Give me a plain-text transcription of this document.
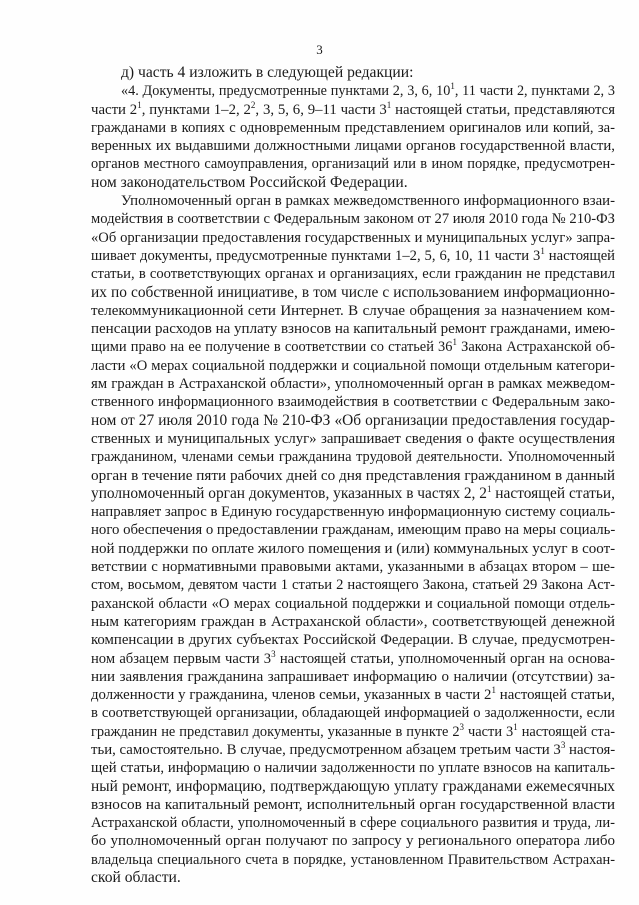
3
д) часть 4 изложить в следующей редакции:
«4. Документы, предусмотренные пунктами 2, 3, 6, $10^1$, 11 части 2, пунктами 2, 3
части $2^1$, пунктами 1–2, $2^2$, 3, 5, 6, 9–11 части $3^1$ настоящей статьи, представляются
гражданами в копиях с одновременным представлением оригиналов или копий, за-
веренных их выдавшими должностными лицами органов государственной власти,
органов местного самоуправления, организаций или в ином порядке, предусмотрен-
ном законодательством Российской Федерации.
Уполномоченный орган в рамках межведомственного информационного взаи-
модействия в соответствии с Федеральным законом от 27 июля 2010 года № 210-ФЗ
«Об организации предоставления государственных и муниципальных услуг» запра-
шивает документы, предусмотренные пунктами 1–2, 5, 6, 10, 11 части $3^1$ настоящей
статьи, в соответствующих органах и организациях, если гражданин не представил
их по собственной инициативе, в том числе с использованием информационно-
телекоммуникационной сети Интернет. В случае обращения за назначением ком-
пенсации расходов на уплату взносов на капитальный ремонт гражданами, имею-
щими право на ее получение в соответствии со статьей $36^1$ Закона Астраханской об-
ласти «О мерах социальной поддержки и социальной помощи отдельным категори-
ям граждан в Астраханской области», уполномоченный орган в рамках межведом-
ственного информационного взаимодействия в соответствии с Федеральным зако-
ном от 27 июля 2010 года № 210-ФЗ «Об организации предоставления государ-
ственных и муниципальных услуг» запрашивает сведения о факте осуществления
гражданином, членами семьи гражданина трудовой деятельности. Уполномоченный
орган в течение пяти рабочих дней со дня представления гражданином в данный
уполномоченный орган документов, указанных в частях 2, $2^1$ настоящей статьи,
направляет запрос в Единую государственную информационную систему социаль-
ного обеспечения о предоставлении гражданам, имеющим право на меры социаль-
ной поддержки по оплате жилого помещения и (или) коммунальных услуг в соот-
ветствии с нормативными правовыми актами, указанными в абзацах втором – ше-
стом, восьмом, девятом части 1 статьи 2 настоящего Закона, статьей 29 Закона Аст-
раханской области «О мерах социальной поддержки и социальной помощи отдель-
ным категориям граждан в Астраханской области», соответствующей денежной
компенсации в других субъектах Российской Федерации. В случае, предусмотрен-
ном абзацем первым части $3^3$ настоящей статьи, уполномоченный орган на основа-
нии заявления гражданина запрашивает информацию о наличии (отсутствии) за-
долженности у гражданина, членов семьи, указанных в части $2^1$ настоящей статьи,
в соответствующей организации, обладающей информацией о задолженности, если
гражданин не представил документы, указанные в пункте $2^3$ части $3^1$ настоящей ста-
тьи, самостоятельно. В случае, предусмотренном абзацем третьим части $3^3$ настоя-
щей статьи, информацию о наличии задолженности по уплате взносов на капиталь-
ный ремонт, информацию, подтверждающую уплату гражданами ежемесячных
взносов на капитальный ремонт, исполнительный орган государственной власти
Астраханской области, уполномоченный в сфере социального развития и труда, ли-
бо уполномоченный орган получают по запросу у регионального оператора либо
владельца специального счета в порядке, установленном Правительством Астрахан-
ской области.
